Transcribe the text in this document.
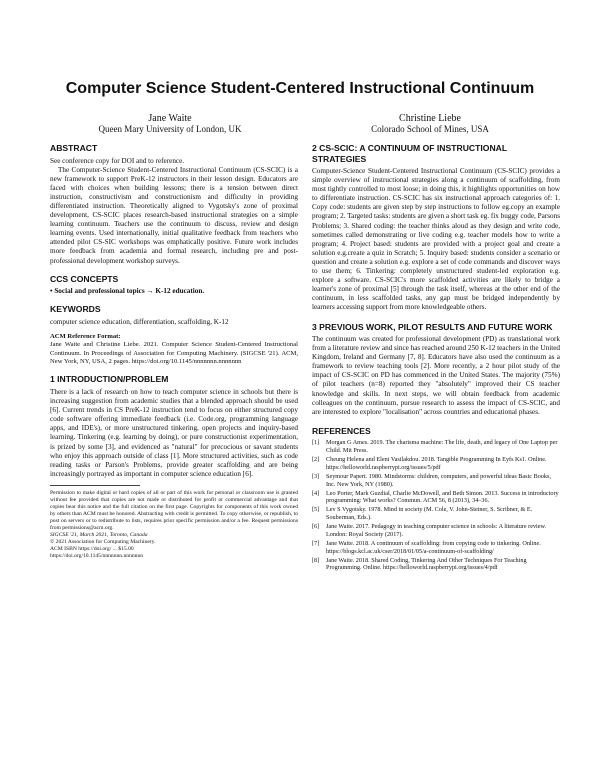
Computer Science Student-Centered Instructional Continuum
Jane Waite
Queen Mary University of London, UK
Christine Liebe
Colorado School of Mines, USA
ABSTRACT

See conference copy for DOI and to reference.

The Computer-Science Student-Centered Instructional Continuum (CS-SCIC) is a new framework to support PreK-12 instructors in their lesson design. Educators are faced with choices when building lessons; there is a tension between direct instruction, constructivism and constructionism and difficulty in providing differentiated instruction. Theoretically aligned to Vygotsky's zone of proximal development, CS-SCIC places research-based instructional strategies on a simple learning continuum. Teachers use the continuum to discuss, review and design learning events. Used internationally, initial qualitative feedback from teachers who attended pilot CS-SIC workshops was emphatically positive. Future work includes more feedback from academia and formal research, including pre and post-professional development workshop surveys.

CCS CONCEPTS

• Social and professional topics → K-12 education.

KEYWORDS

computer science education, differentiation, scaffolding, K-12

ACM Reference Format:

Jane Waite and Christine Liebe. 2021. Computer Science Student-Centered Instructional Continuum. In Proceedings of Association for Computing Machinery. (SIGCSE '21). ACM, New York, NY, USA, 2 pages. https://doi.org/10.1145/nnnnnnn.nnnnnnn

1 INTRODUCTION/PROBLEM

There is a lack of research on how to teach computer science in schools but there is increasing suggestion from academic studies that a blended approach should be used [6]. Current trends in CS PreK-12 instruction tend to focus on either structured copy code software offering immediate feedback (i.e. Code.org, programming language apps, and IDE's), or more unstructured tinkering, open projects and inquiry-based learning. Tinkering (e.g. learning by doing), or pure constructionist experimentation, is prized by some [3], and evidenced as "natural" for precocious or savant students who enjoy this approach outside of class [1]. More structured activities, such as code reading tasks or Parson's Problems, provide greater scaffolding and are being increasingly portrayed as important in computer science education [6].

Permission to make digital or hard copies of all or part of this work for personal or classroom use is granted without fee provided that copies are not made or distributed for profit or commercial advantage and that copies bear this notice and the full citation on the first page. Copyrights for components of this work owned by others than ACM must be honored. Abstracting with credit is permitted. To copy otherwise, or republish, to post on servers or to redistribute to lists, requires prior specific permission and/or a fee. Request permissions from permissions@acm.org.

SIGCSE '21, March 2021, Toronto, Canada

© 2021 Association for Computing Machinery.

ACM ISBN https://doi.org/ ... $15.00

https://doi.org/10.1145/nnnnnnn.nnnnnnn

2 CS-SCIC: A CONTINUUM OF INSTRUCTIONAL STRATEGIES

Computer-Science Student-Centered Instructional Continuum (CS-SCIC) provides a simple overview of instructional strategies along a continuum of scaffolding, from most tightly controlled to most loose; in doing this, it highlights opportunities on how to differentiate instruction. CS-SCIC has six instructional approach categories of: 1. Copy code: students are given step by step instructions to follow eg.copy an example program; 2. Targeted tasks: students are given a short task eg. fix buggy code, Parsons Problems; 3. Shared coding: the teacher thinks aloud as they design and write code, sometimes called demonstrating or live coding e.g. teacher models how to write a program; 4. Project based: students are provided with a project goal and create a solution e.g.create a quiz in Scratch; 5. Inquiry based: students consider a scenario or question and create a solution e.g. explore a set of code commands and discover ways to use them; 6. Tinkering: completely unstructured student-led exploration e.g. explore a software. CS-SCIC's more scaffolded activities are likely to bridge a learner's zone of proximal [5] through the task itself, whereas at the other end of the continuum, in less scaffolded tasks, any gap must be bridged independently by learners accessing support from more knowledgeable others.

3 PREVIOUS WORK, PILOT RESULTS AND FUTURE WORK

The continuum was created for professional development (PD) as translational work from a literature review and since has reached around 250 K-12 teachers in the United Kingdom, Ireland and Germany [7, 8]. Educators have also used the continuum as a framework to review teaching tools [2]. More recently, a 2 hour pilot study of the impact of CS-SCIC on PD has commenced in the United States. The majority (75%) of pilot teachers (n=8) reported they "absolutely" improved their CS teacher knowledge and skills. In next steps, we will obtain feedback from academic colleagues on the continuum, pursue research to assess the impact of CS-SCIC, and are interested to explore "localisation" across countries and educational phases.

REFERENCES
[1]	Morgan G Ames. 2019. The charisma machine: The life, death, and legacy of One Laptop per Child. Mit Press.
[2]	Cheung Helena and Eleni Vasilakdou. 2018. Tangible Programming In Eyfs Ks1. Online. https://helloworld.raspberrypi.org/issues/5/pdf
[3]	Seymour Papert. 1980. Mindstorms: children, computers, and powerful ideas Basic Books, Inc. New York, NY (1980).
[4]	Leo Porter, Mark Guzdial, Charlie McDowell, and Beth Simon. 2013. Success in introductory programming: What works? Commun. ACM 56, 8 (2013), 34–36.
[5]	Lev S Vygotsky. 1978. Mind in society (M. Cole, V. John-Steiner, S. Scribner, & E. Souberman, Eds.).
[6]	Jane Waite. 2017. Pedagogy in teaching computer science in schools: A literature review. London: Royal Society (2017).
[7]	Jane Waite. 2018. A continuum of scaffolding: from copying code to tinkering. Online. https://blogs.kcl.ac.uk/cser/2018/01/05/a-continuum-of-scaffolding/
[8]	Jane Waite. 2018. Shared Coding, Tinkering And Other Techniques For Teaching Programming. Online. https://helloworld.raspberrypi.org/issues/4/pdf
